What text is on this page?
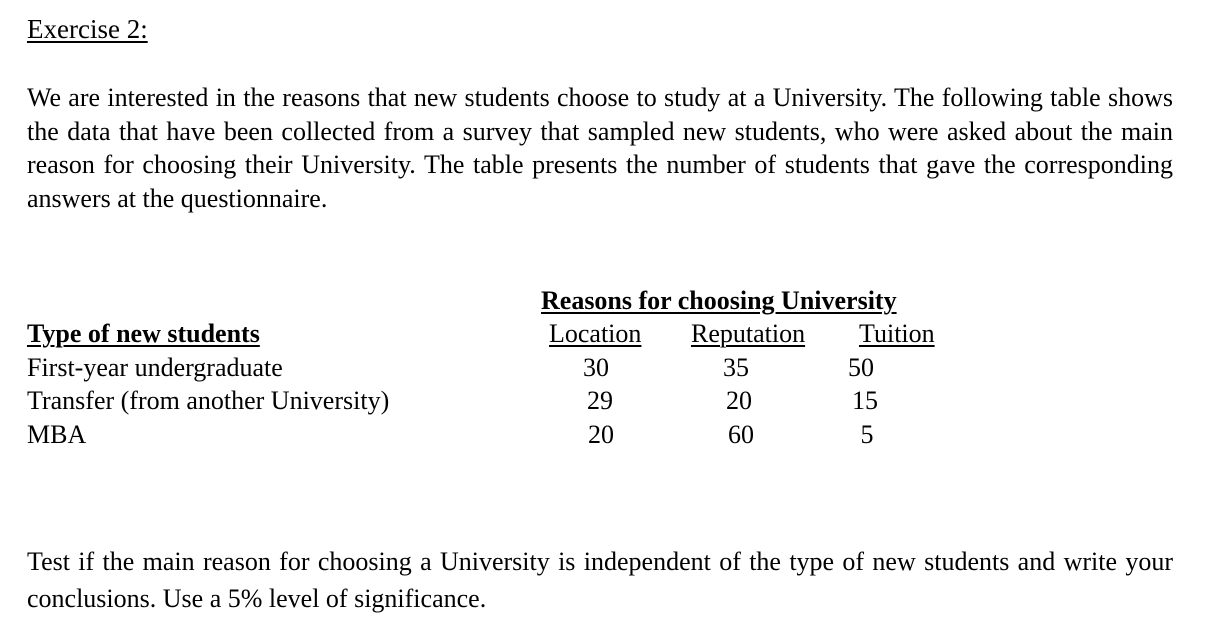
Exercise 2:

We are interested in the reasons that new students choose to study at a University. The following table shows the data that have been collected from a survey that sampled new students, who were asked about the main reason for choosing their University. The table presents the number of students that gave the corresponding answers at the questionnaire.

Reasons for choosing University
Type of new students	Location Reputation Tuition
First-year undergraduate	30	35	50
Transfer (from another University)	29	20	15
MBA	20	60	5

Test if the main reason for choosing a University is independent of the type of new students and write your conclusions. Use a 5% level of significance.
